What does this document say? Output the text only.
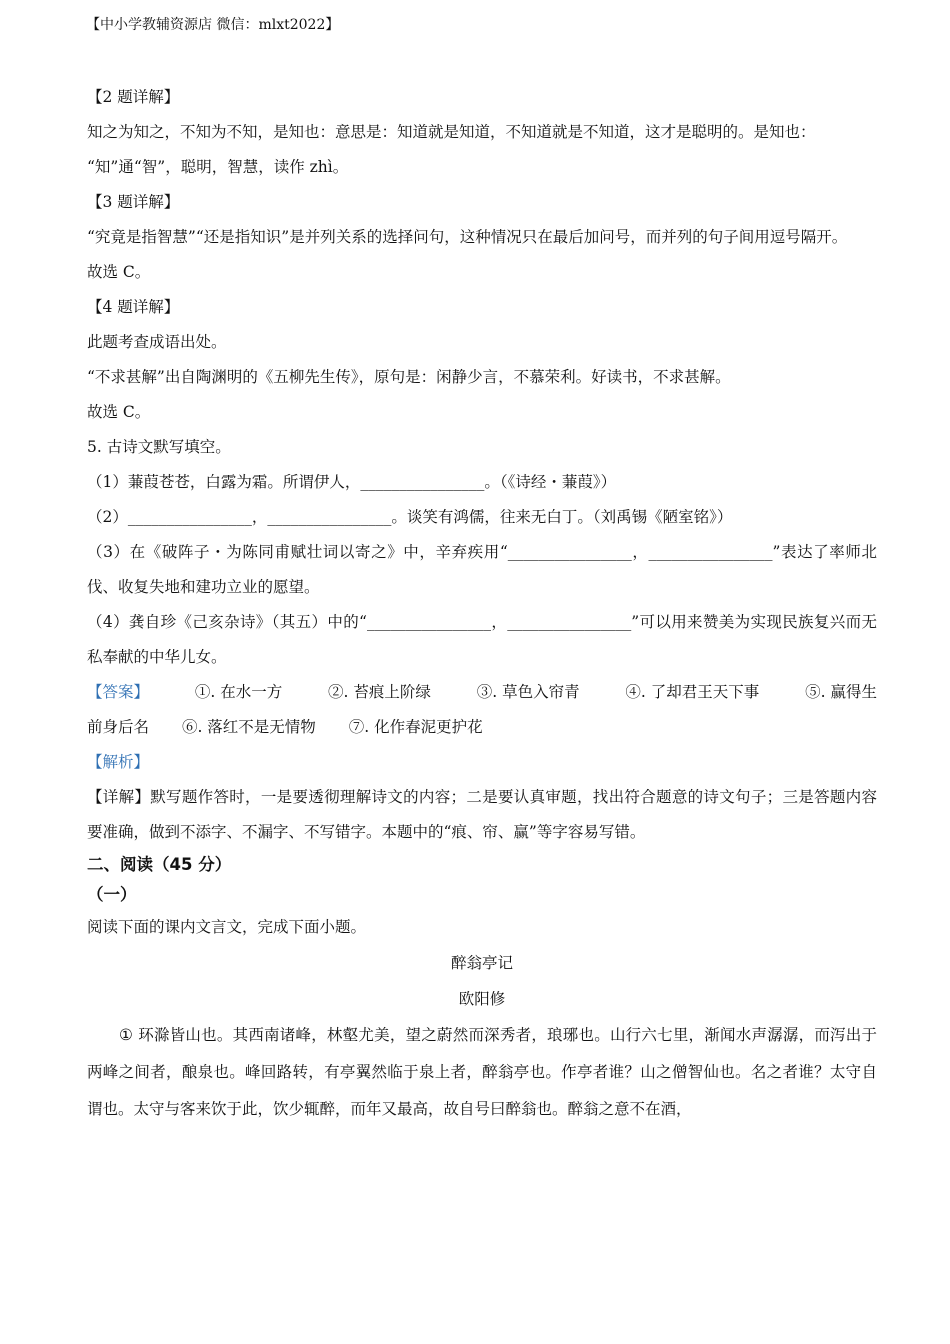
【中小学教辅资源店 微信：mlxt2022】

【2 题详解】

知之为知之，不知为不知，是知也：意思是：知道就是知道，不知道就是不知道，这才是聪明的。是知也：

“知”通“智”，聪明，智慧，读作 zhì。

【3 题详解】

“究竟是指智慧”“还是指知识”是并列关系的选择问句，这种情况只在最后加问号，而并列的句子间用逗号隔开。

故选 C。

【4 题详解】

此题考查成语出处。

“不求甚解”出自陶渊明的《五柳先生传》，原句是：闲静少言，不慕荣利。好读书，不求甚解。

故选 C。

5. 古诗文默写填空。

（1）蒹葭苍苍，白露为霜。所谓伊人，________________。（《诗经・蒹葭》）

（2）________________，________________。谈笑有鸿儒，往来无白丁。（刘禹锡《陋室铭》）

（3）在《破阵子・为陈同甫赋壮词以寄之》中，辛弃疾用“________________，________________”表达了率师北伐、收复失地和建功立业的愿望。

（4）龚自珍《己亥杂诗》（其五）中的“________________，________________”可以用来赞美为实现民族复兴而无私奉献的中华儿女。

【答案】	①. 在水一方	②. 苔痕上阶绿	③. 草色入帘青	④. 了却君王天下事	⑤. 赢得生
前身后名 ⑥. 落红不是无情物 ⑦. 化作春泥更护花

【解析】

【详解】默写题作答时，一是要透彻理解诗文的内容；二是要认真审题，找出符合题意的诗文句子；三是答题内容要准确，做到不添字、不漏字、不写错字。本题中的“痕、帘、赢”等字容易写错。

二、阅读（45 分）

（一）

阅读下面的课内文言文，完成下面小题。

醉翁亭记

欧阳修

① 环滁皆山也。其西南诸峰，林壑尤美，望之蔚然而深秀者，琅琊也。山行六七里，渐闻水声潺潺，而泻出于两峰之间者，酿泉也。峰回路转，有亭翼然临于泉上者，醉翁亭也。作亭者谁？山之僧智仙也。名之者谁？太守自谓也。太守与客来饮于此，饮少辄醉，而年又最高，故自号曰醉翁也。醉翁之意不在酒，
